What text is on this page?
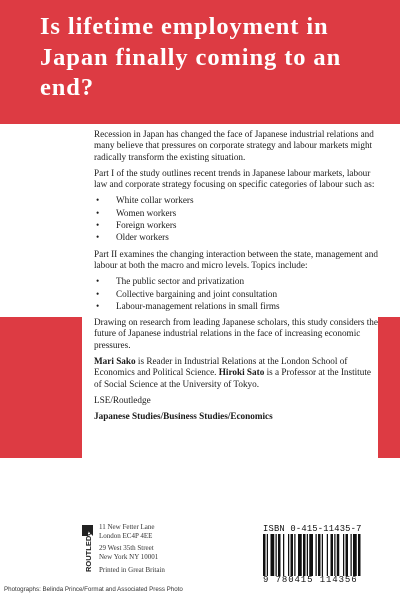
Is lifetime employment in Japan finally coming to an end?

Recession in Japan has changed the face of Japanese industrial relations and many believe that pressures on corporate strategy and labour markets might radically transform the existing situation.

Part I of the study outlines recent trends in Japanese labour markets, labour law and corporate strategy focusing on specific categories of labour such as:

• White collar workers
• Women workers
• Foreign workers
• Older workers

Part II examines the changing interaction between the state, management and labour at both the macro and micro levels. Topics include:

• The public sector and privatization
• Collective bargaining and joint consultation
• Labour-management relations in small firms

Drawing on research from leading Japanese scholars, this study considers the future of Japanese industrial relations in the face of increasing economic pressures.

Mari Sako is Reader in Industrial Relations at the London School of Economics and Political Science. Hiroki Sato is a Professor at the Institute of Social Science at the University of Tokyo.

LSE/Routledge

Japanese Studies/Business Studies/Economics

ROUTLEDGE 11 New Fetter Lane
London EC4P 4EE
29 West 35th Street
New York NY 10001
Printed in Great Britain
ISBN 0-415-11435-7
9 780415 114356
Photographs: Belinda Prince/Format and Associated Press Photo
